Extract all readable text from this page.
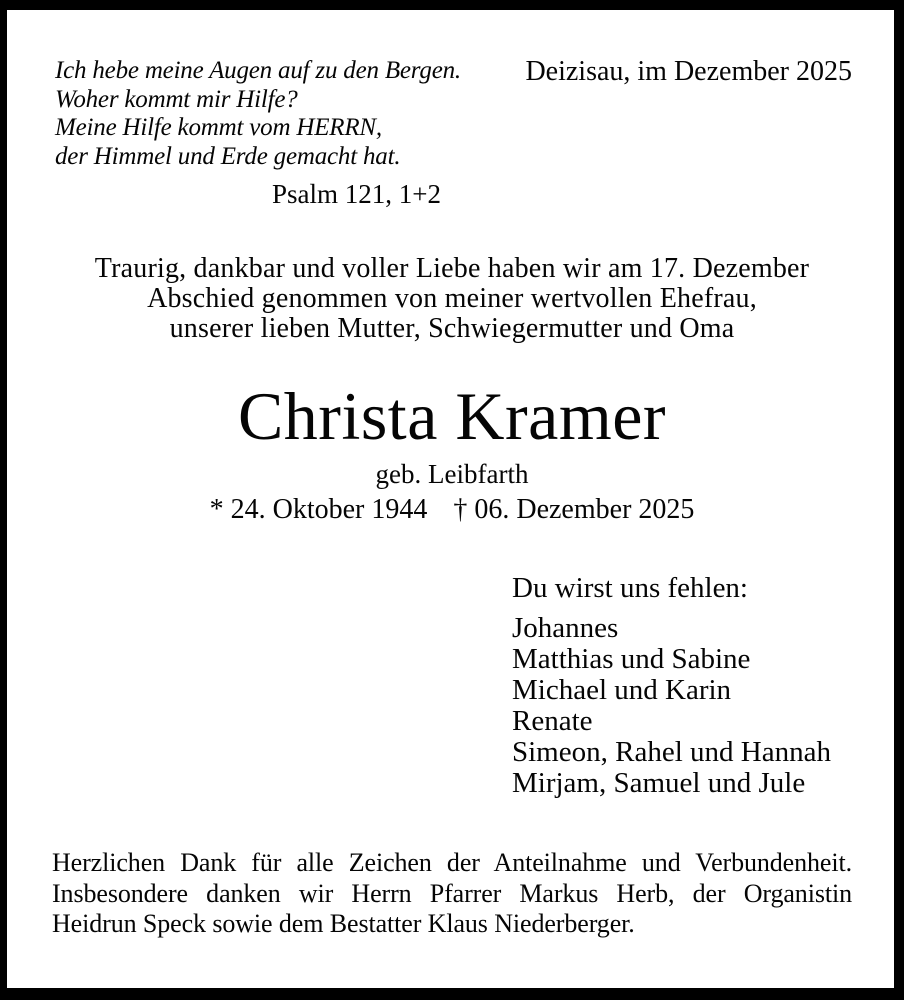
Ich hebe meine Augen auf zu den Bergen.
Woher kommt mir Hilfe?
Meine Hilfe kommt vom HERRN,
der Himmel und Erde gemacht hat.
Psalm 121, 1+2
Deizisau, im Dezember 2025
Traurig, dankbar und voller Liebe haben wir am 17. Dezember
Abschied genommen von meiner wertvollen Ehefrau,
unserer lieben Mutter, Schwiegermutter und Oma
Christa Kramer
geb. Leibfarth
* 24. Oktober 1944 † 06. Dezember 2025
Du wirst uns fehlen:
Johannes
Matthias und Sabine
Michael und Karin
Renate
Simeon, Rahel und Hannah
Mirjam, Samuel und Jule
Herzlichen Dank für alle Zeichen der Anteilnahme und Verbundenheit.
Insbesondere danken wir Herrn Pfarrer Markus Herb, der Organistin
Heidrun Speck sowie dem Bestatter Klaus Niederberger.
